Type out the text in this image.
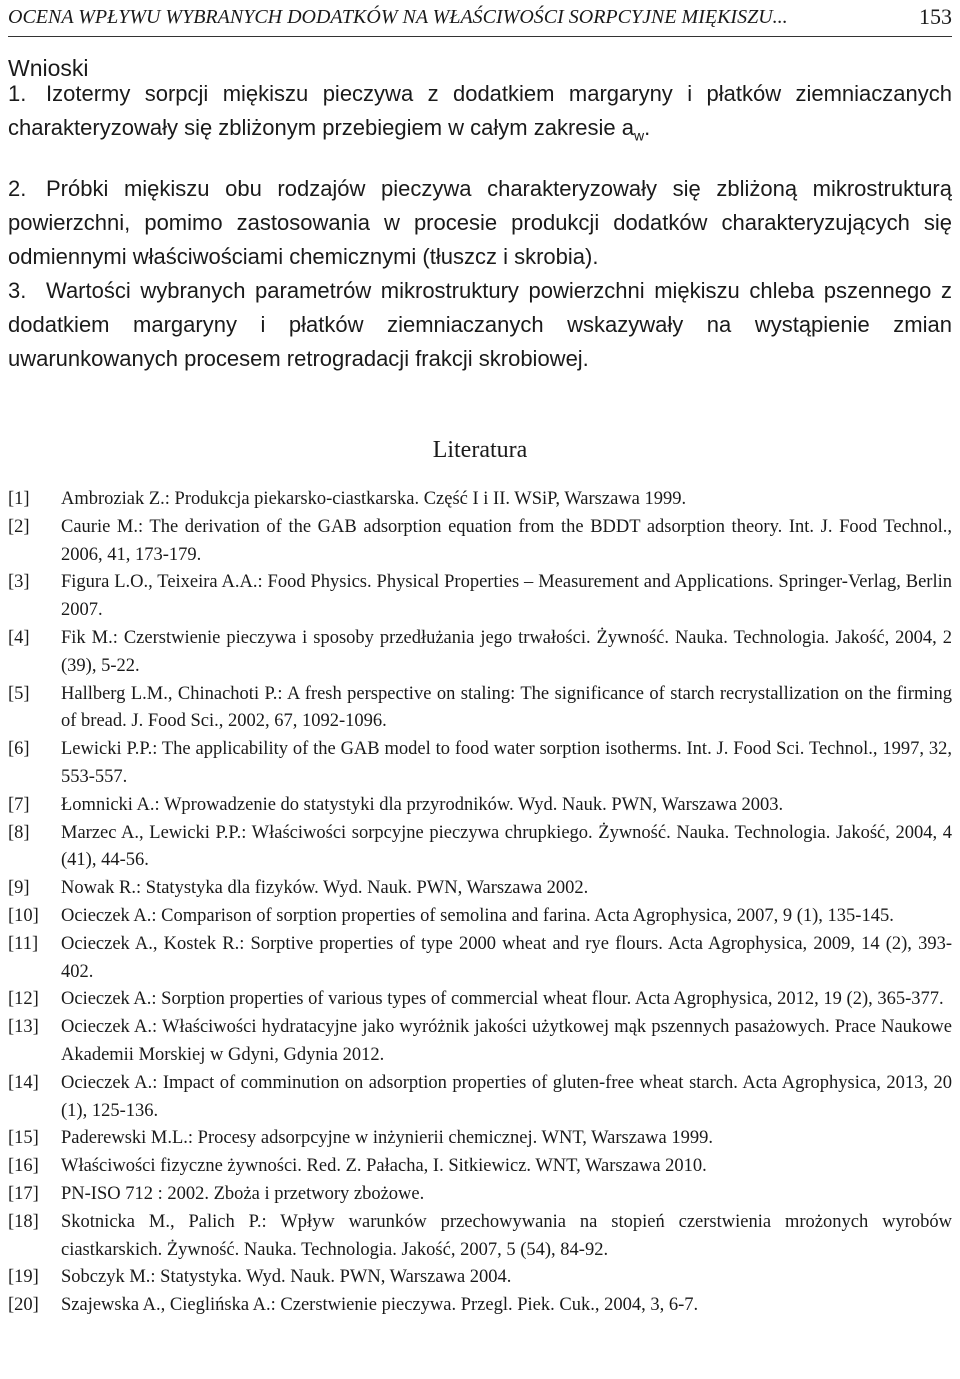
OCENA WPŁYWU WYBRANYCH DODATKÓW NA WŁAŚCIWOŚCI SORPCYJNE MIĘKISZU...	153
Wnioski
1. Izotermy sorpcji miękiszu pieczywa z dodatkiem margaryny i płatków ziemniaczanych charakteryzowały się zbliżonym przebiegiem w całym zakresie $a_w$.
2. Próbki miękiszu obu rodzajów pieczywa charakteryzowały się zbliżoną mikrostrukturą powierzchni, pomimo zastosowania w procesie produkcji dodatków charakteryzujących się odmiennymi właściwościami chemicznymi (tłuszcz i skrobia).
3. Wartości wybranych parametrów mikrostruktury powierzchni miękiszu chleba pszennego z dodatkiem margaryny i płatków ziemniaczanych wskazywały na wystąpienie zmian uwarunkowanych procesem retrogradacji frakcji skrobiowej.
Literatura
[1] Ambroziak Z.: Produkcja piekarsko-ciastkarska. Część I i II. WSiP, Warszawa 1999.
[2] Caurie M.: The derivation of the GAB adsorption equation from the BDDT adsorption theory. Int. J. Food Technol., 2006, 41, 173-179.
[3] Figura L.O., Teixeira A.A.: Food Physics. Physical Properties – Measurement and Applications. Springer-Verlag, Berlin 2007.
[4] Fik M.: Czerstwienie pieczywa i sposoby przedłużania jego trwałości. Żywność. Nauka. Technologia. Jakość, 2004, 2 (39), 5-22.
[5] Hallberg L.M., Chinachoti P.: A fresh perspective on staling: The significance of starch recrystallization on the firming of bread. J. Food Sci., 2002, 67, 1092-1096.
[6] Lewicki P.P.: The applicability of the GAB model to food water sorption isotherms. Int. J. Food Sci. Technol., 1997, 32, 553-557.
[7] Łomnicki A.: Wprowadzenie do statystyki dla przyrodników. Wyd. Nauk. PWN, Warszawa 2003.
[8] Marzec A., Lewicki P.P.: Właściwości sorpcyjne pieczywa chrupkiego. Żywność. Nauka. Technologia. Jakość, 2004, 4 (41), 44-56.
[9] Nowak R.: Statystyka dla fizyków. Wyd. Nauk. PWN, Warszawa 2002.
[10] Ocieczek A.: Comparison of sorption properties of semolina and farina. Acta Agrophysica, 2007, 9 (1), 135-145.
[11] Ocieczek A., Kostek R.: Sorptive properties of type 2000 wheat and rye flours. Acta Agrophysica, 2009, 14 (2), 393-402.
[12] Ocieczek A.: Sorption properties of various types of commercial wheat flour. Acta Agrophysica, 2012, 19 (2), 365-377.
[13] Ocieczek A.: Właściwości hydratacyjne jako wyróżnik jakości użytkowej mąk pszennych pasażowych. Prace Naukowe Akademii Morskiej w Gdyni, Gdynia 2012.
[14] Ocieczek A.: Impact of comminution on adsorption properties of gluten-free wheat starch. Acta Agrophysica, 2013, 20 (1), 125-136.
[15] Paderewski M.L.: Procesy adsorpcyjne w inżynierii chemicznej. WNT, Warszawa 1999.
[16] Właściwości fizyczne żywności. Red. Z. Pałacha, I. Sitkiewicz. WNT, Warszawa 2010.
[17] PN-ISO 712 : 2002. Zboża i przetwory zbożowe.
[18] Skotnicka M., Palich P.: Wpływ warunków przechowywania na stopień czerstwienia mrożonych wyrobów ciastkarskich. Żywność. Nauka. Technologia. Jakość, 2007, 5 (54), 84-92.
[19] Sobczyk M.: Statystyka. Wyd. Nauk. PWN, Warszawa 2004.
[20] Szajewska A., Cieglińska A.: Czerstwienie pieczywa. Przegl. Piek. Cuk., 2004, 3, 6-7.
